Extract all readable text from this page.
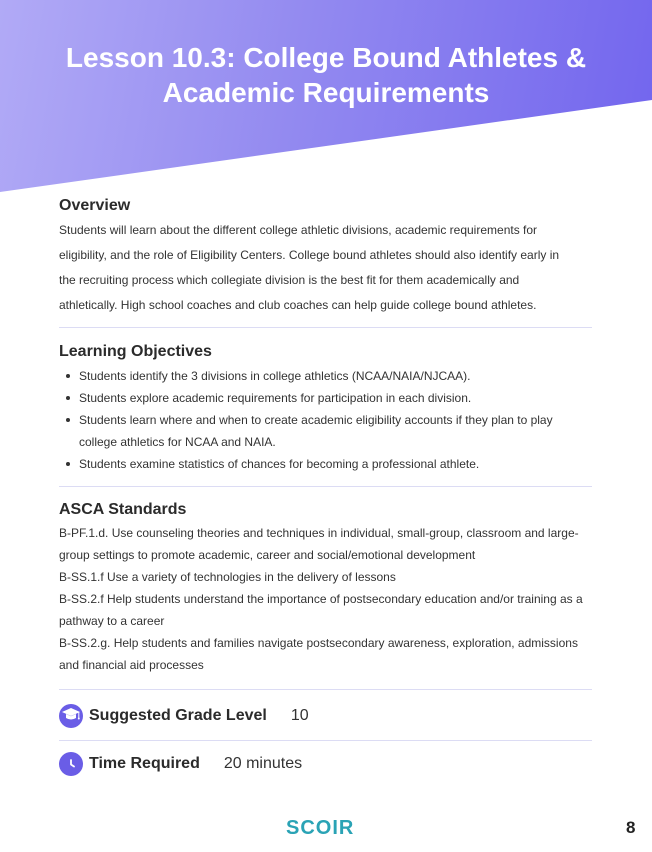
Lesson 10.3: College Bound Athletes &
Academic Requirements
Overview

Students will learn about the different college athletic divisions, academic requirements for
eligibility, and the role of Eligibility Centers. College bound athletes should also identify early in
the recruiting process which collegiate division is the best fit for them academically and
athletically. High school coaches and club coaches can help guide college bound athletes.

Learning Objectives
Students identify the 3 divisions in college athletics (NCAA/NAIA/NJCAA).
Students explore academic requirements for participation in each division.
Students learn where and when to create academic eligibility accounts if they plan to play
college athletics for NCAA and NAIA.
Students examine statistics of chances for becoming a professional athlete.
ASCA Standards

B-PF.1.d. Use counseling theories and techniques in individual, small-group, classroom and large-
group settings to promote academic, career and social/emotional development
B-SS.1.f Use a variety of technologies in the delivery of lessons
B-SS.2.f Help students understand the importance of postsecondary education and/or training as a
pathway to a career
B-SS.2.g. Help students and families navigate postsecondary awareness, exploration, admissions
and financial aid processes

Suggested Grade Level 10
Time Required 20 minutes
SCOIR	8
